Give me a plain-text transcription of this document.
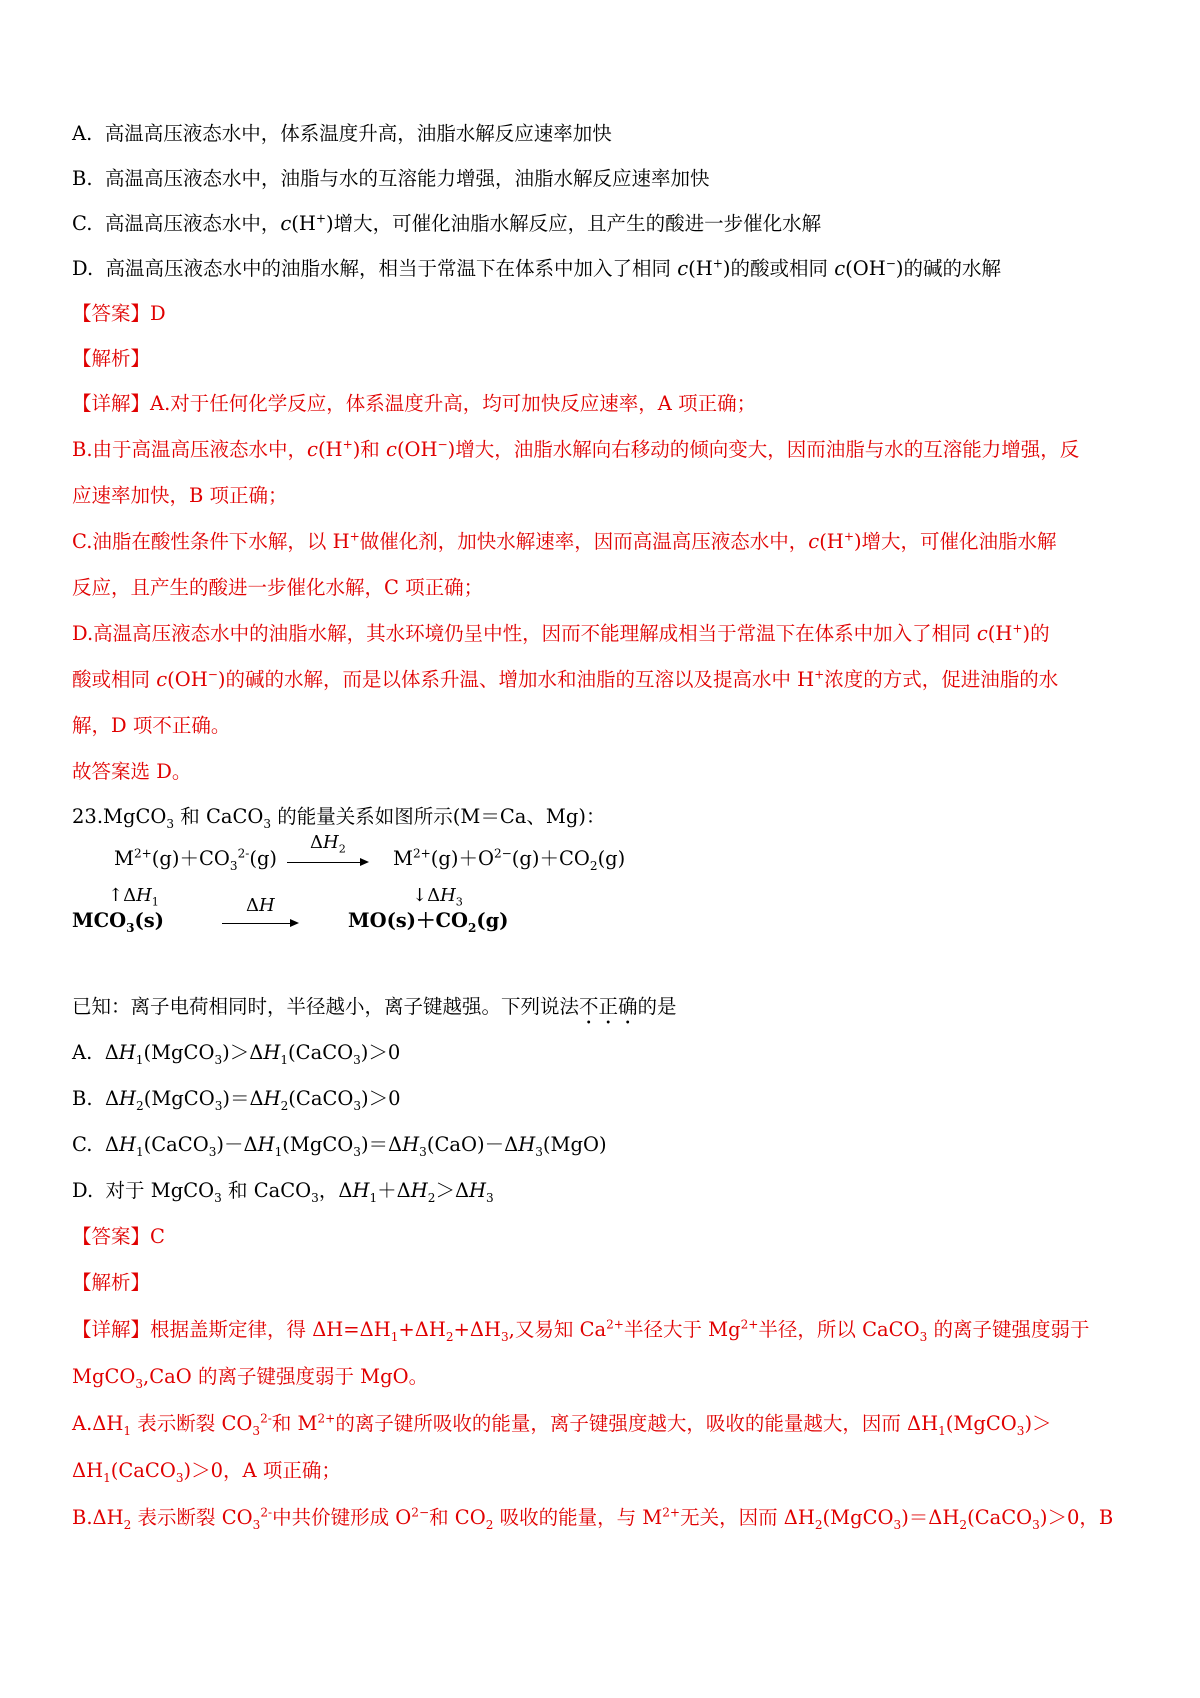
A. 高温高压液态水中，体系温度升高，油脂水解反应速率加快
B. 高温高压液态水中，油脂与水的互溶能力增强，油脂水解反应速率加快
C. 高温高压液态水中，c(H+)增大，可催化油脂水解反应，且产生的酸进一步催化水解
D. 高温高压液态水中的油脂水解，相当于常温下在体系中加入了相同 c(H+)的酸或相同 c(OH−)的碱的水解
【答案】D
【解析】
【详解】A.对于任何化学反应，体系温度升高，均可加快反应速率，A 项正确；
B.由于高温高压液态水中，c(H+)和 c(OH−)增大，油脂水解向右移动的倾向变大，因而油脂与水的互溶能力增强，反
应速率加快，B 项正确；
C.油脂在酸性条件下水解，以 H+做催化剂，加快水解速率，因而高温高压液态水中，c(H+)增大，可催化油脂水解
反应，且产生的酸进一步催化水解，C 项正确；
D.高温高压液态水中的油脂水解，其水环境仍呈中性，因而不能理解成相当于常温下在体系中加入了相同 c(H+)的
酸或相同 c(OH−)的碱的水解，而是以体系升温、增加水和油脂的互溶以及提高水中 H+浓度的方式，促进油脂的水
解，D 项不正确。
故答案选 D。
23.MgCO$_3$ 和 CaCO$_3$ 的能量关系如图所示(M＝Ca、Mg)：
$M^{2+}(g)+CO_3^{2-}(g)$
$\Delta H_2$ $M^{2+}(g)+O^{2-}(g)+CO_2(g)$
$↑\Delta H_1$	$↓\Delta H_3$
$MCO_3(s)$
ΔH
$MO(s)+CO_2(g)$
已知：离子电荷相同时，半径越小，离子键越强。下列说法不正确的是
A. $\Delta H_1(MgCO_3)>\Delta H_1(CaCO_3)>0$
B. $\Delta H_2(MgCO_3)=\Delta H_2(CaCO_3)>0$
C. $\Delta H_1(CaCO_3)-\Delta H_1(MgCO_3)=\Delta H_3(CaO)-\Delta H_3(MgO)$
D. 对于 MgCO$_3$ 和 CaCO$_3$，$\Delta H_1+\Delta H_2>\Delta H_3$
【答案】C
【解析】
【详解】根据盖斯定律，得 $\Delta H=\Delta H_1+\Delta H_2+\Delta H_3$,又易知 $Ca^{2+}$半径大于 $Mg^{2+}$半径，所以 CaCO$_3$ 的离子键强度弱于
MgCO$_3$,CaO 的离子键强度弱于 MgO。
$A.\Delta H_1$ 表示断裂 $CO_3^{2-}$和 $M^{2+}$的离子键所吸收的能量，离子键强度越大，吸收的能量越大，因而 $\Delta H_1(MgCO_3)>$
$\Delta H_1(CaCO_3)>0$，A 项正确；
$B.\Delta H_2$ 表示断裂 $CO_3^{2-}$中共价键形成 $O^{2-}$和 $CO_2$ 吸收的能量，与 $M^{2+}$无关，因而 $\Delta H_2(MgCO_3)=\Delta H_2(CaCO_3)>0$，B
